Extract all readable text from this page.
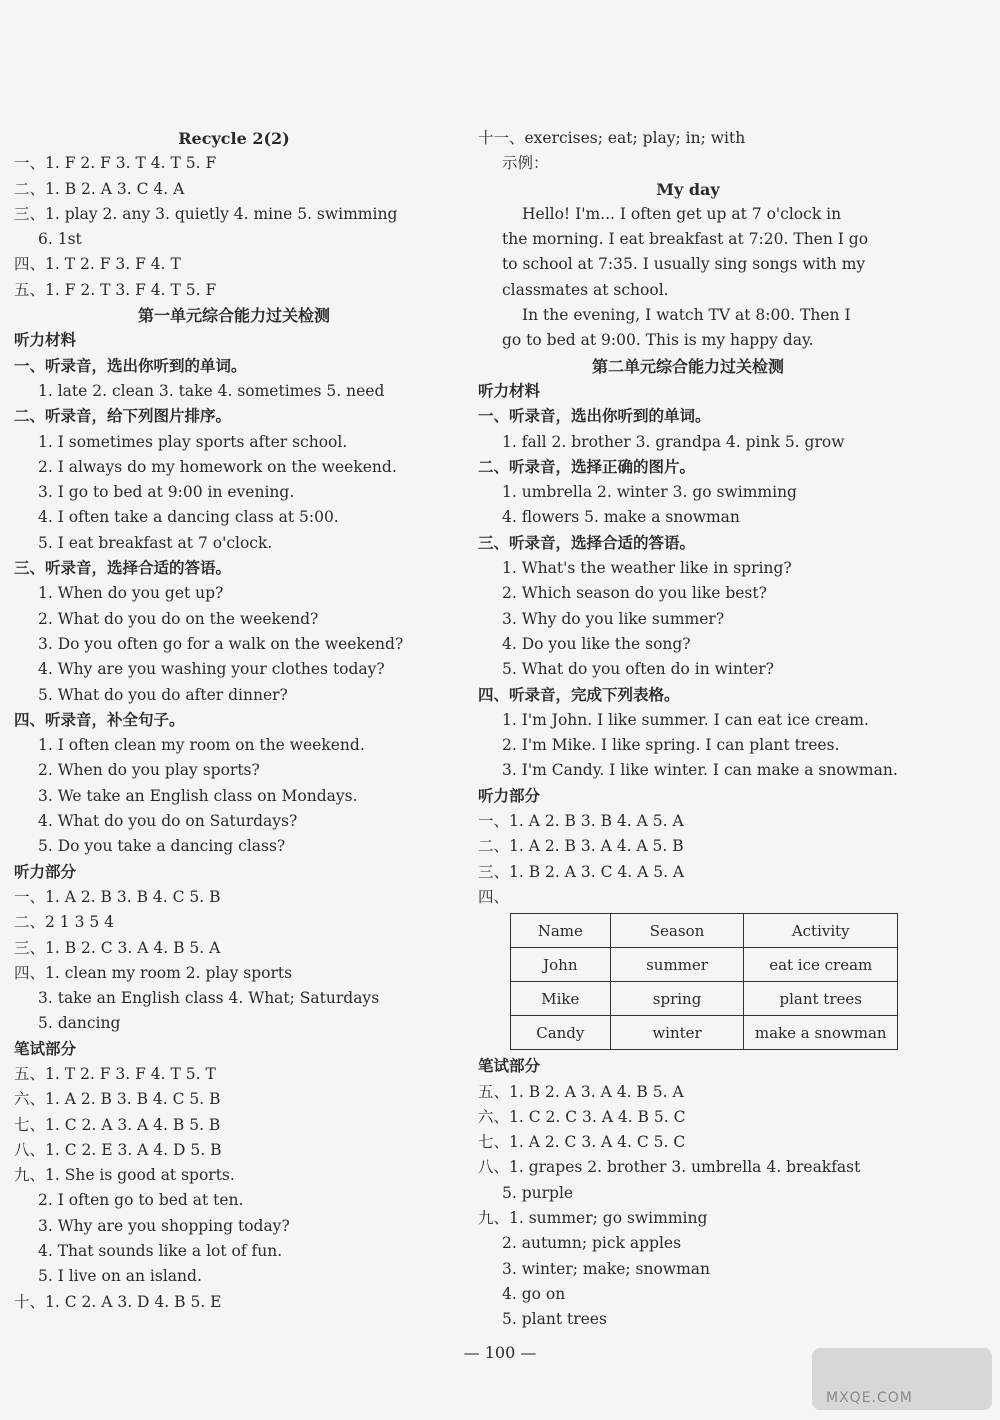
Recycle 2(2)
一、1. F 2. F 3. T 4. T 5. F
二、1. B 2. A 3. C 4. A
三、1. play 2. any 3. quietly 4. mine 5. swimming
6. 1st
四、1. T 2. F 3. F 4. T
五、1. F 2. T 3. F 4. T 5. F
第一单元综合能力过关检测
听力材料
一、听录音，选出你听到的单词。
1. late 2. clean 3. take 4. sometimes 5. need
二、听录音，给下列图片排序。
1. I sometimes play sports after school.
2. I always do my homework on the weekend.
3. I go to bed at 9:00 in evening.
4. I often take a dancing class at 5:00.
5. I eat breakfast at 7 o'clock.
三、听录音，选择合适的答语。
1. When do you get up?
2. What do you do on the weekend?
3. Do you often go for a walk on the weekend?
4. Why are you washing your clothes today?
5. What do you do after dinner?
四、听录音，补全句子。
1. I often clean my room on the weekend.
2. When do you play sports?
3. We take an English class on Mondays.
4. What do you do on Saturdays?
5. Do you take a dancing class?
听力部分
一、1. A 2. B 3. B 4. C 5. B
二、2 1 3 5 4
三、1. B 2. C 3. A 4. B 5. A
四、1. clean my room 2. play sports
3. take an English class 4. What; Saturdays
5. dancing
笔试部分
五、1. T 2. F 3. F 4. T 5. T
六、1. A 2. B 3. B 4. C 5. B
七、1. C 2. A 3. A 4. B 5. B
八、1. C 2. E 3. A 4. D 5. B
九、1. She is good at sports.
2. I often go to bed at ten.
3. Why are you shopping today?
4. That sounds like a lot of fun.
5. I live on an island.
十、1. C 2. A 3. D 4. B 5. E
十一、exercises; eat; play; in; with
示例：
My day
Hello! I'm... I often get up at 7 o'clock in
the morning. I eat breakfast at 7:20. Then I go
to school at 7:35. I usually sing songs with my
classmates at school.
In the evening, I watch TV at 8:00. Then I
go to bed at 9:00. This is my happy day.
第二单元综合能力过关检测
听力材料
一、听录音，选出你听到的单词。
1. fall 2. brother 3. grandpa 4. pink 5. grow
二、听录音，选择正确的图片。
1. umbrella 2. winter 3. go swimming
4. flowers 5. make a snowman
三、听录音，选择合适的答语。
1. What's the weather like in spring?
2. Which season do you like best?
3. Why do you like summer?
4. Do you like the song?
5. What do you often do in winter?
四、听录音，完成下列表格。
1. I'm John. I like summer. I can eat ice cream.
2. I'm Mike. I like spring. I can plant trees.
3. I'm Candy. I like winter. I can make a snowman.
听力部分
一、1. A 2. B 3. B 4. A 5. A
二、1. A 2. B 3. A 4. A 5. B
三、1. B 2. A 3. C 4. A 5. A
四、
Name	Season	Activity
John	summer	eat ice cream
Mike	spring	plant trees
Candy	winter	make a snowman
笔试部分
五、1. B 2. A 3. A 4. B 5. A
六、1. C 2. C 3. A 4. B 5. C
七、1. A 2. C 3. A 4. C 5. C
八、1. grapes 2. brother 3. umbrella 4. breakfast
5. purple
九、1. summer; go swimming
2. autumn; pick apples
3. winter; make; snowman
4. go on
5. plant trees
— 100 —
MXQE.COM
